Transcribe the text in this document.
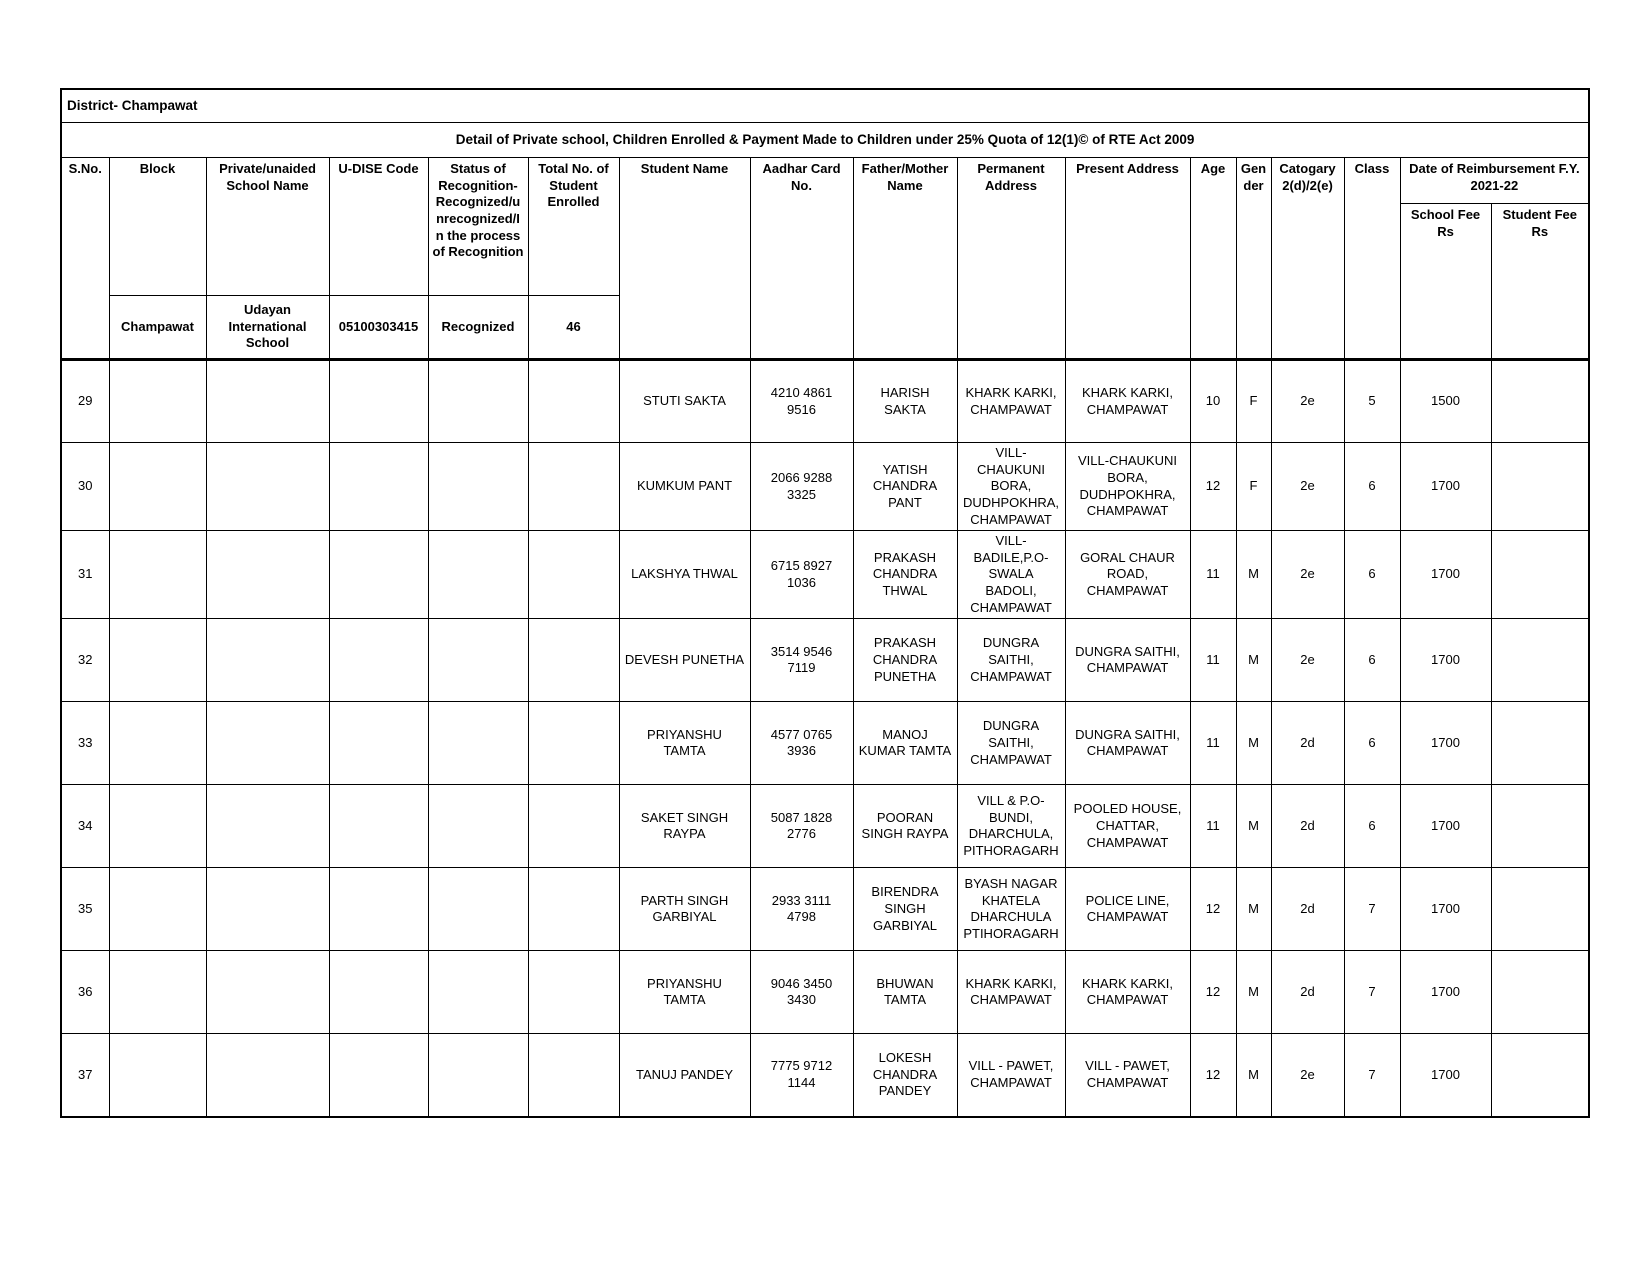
District- Champawat																
Detail of Private school, Children Enrolled & Payment Made to Children under 25% Quota of 12(1)© of RTE Act 2009																
S.No.	Block	Private/unaided School Name	U-DISE Code	Status of Recognition-Recognized/unrecognized/In the process of Recognition	Total No. of Student Enrolled	Student Name	Aadhar Card No.	Father/Mother Name	Permanent Address	Present Address	Age	Gen der	Catogary 2(d)/2(e)	Class	Date of Reimbursement F.Y. 2021-22	
															School Fee Rs	Student Fee Rs
	Champawat	Udayan International School	05100303415	Recognized	46											
29						STUTI SAKTA	4210 4861 9516	HARISH SAKTA	KHARK KARKI, CHAMPAWAT	KHARK KARKI, CHAMPAWAT	10	F	2e	5	1500	
30						KUMKUM PANT	2066 9288 3325	YATISH CHANDRA PANT	VILL-CHAUKUNI BORA, DUDHPOKHRA, CHAMPAWAT	VILL-CHAUKUNI BORA, DUDHPOKHRA, CHAMPAWAT	12	F	2e	6	1700	
31						LAKSHYA THWAL	6715 8927 1036	PRAKASH CHANDRA THWAL	VILL-BADILE,P.O-SWALA BADOLI, CHAMPAWAT	GORAL CHAUR ROAD, CHAMPAWAT	11	M	2e	6	1700	
32						DEVESH PUNETHA	3514 9546 7119	PRAKASH CHANDRA PUNETHA	DUNGRA SAITHI, CHAMPAWAT	DUNGRA SAITHI, CHAMPAWAT	11	M	2e	6	1700	
33						PRIYANSHU TAMTA	4577 0765 3936	MANOJ KUMAR TAMTA	DUNGRA SAITHI, CHAMPAWAT	DUNGRA SAITHI, CHAMPAWAT	11	M	2d	6	1700	
34						SAKET SINGH RAYPA	5087 1828 2776	POORAN SINGH RAYPA	VILL & P.O-BUNDI, DHARCHULA, PITHORAGARH	POOLED HOUSE, CHATTAR, CHAMPAWAT	11	M	2d	6	1700	
35						PARTH SINGH GARBIYAL	2933 3111 4798	BIRENDRA SINGH GARBIYAL	BYASH NAGAR KHATELA DHARCHULA PTIHORAGARH	POLICE LINE, CHAMPAWAT	12	M	2d	7	1700	
36						PRIYANSHU TAMTA	9046 3450 3430	BHUWAN TAMTA	KHARK KARKI, CHAMPAWAT	KHARK KARKI, CHAMPAWAT	12	M	2d	7	1700	
37						TANUJ PANDEY	7775 9712 1144	LOKESH CHANDRA PANDEY	VILL - PAWET, CHAMPAWAT	VILL - PAWET, CHAMPAWAT	12	M	2e	7	1700	
